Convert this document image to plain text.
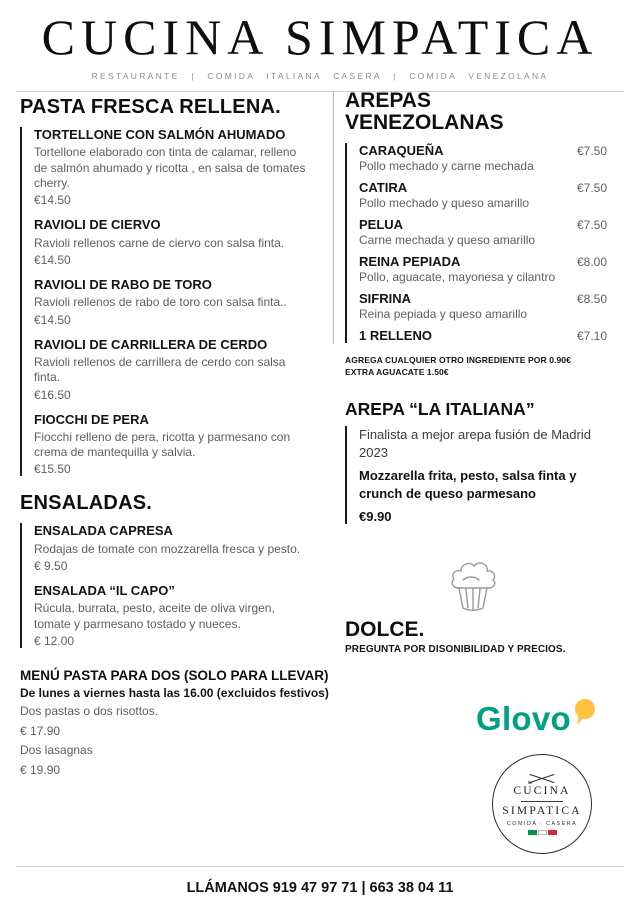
CUCINA SIMPATICA
RESTAURANTE | COMIDA ITALIANA CASERA | COMIDA VENEZOLANA
PASTA FRESCA RELLENA.
TORTELLONE CON SALMÓN AHUMADO
Tortellone elaborado con tinta de calamar, relleno de salmón ahumado y ricotta , en salsa de tomates cherry.
€14.50
RAVIOLI DE CIERVO
Ravioli rellenos carne de ciervo con salsa finta.
€14.50
RAVIOLI DE RABO DE TORO
Ravioli rellenos de rabo de toro con salsa finta..
€14.50
RAVIOLI DE CARRILLERA DE CERDO
Ravioli rellenos de carrillera de cerdo con salsa finta.
€16.50
FIOCCHI DE PERA
Fiocchi relleno de pera, ricotta y parmesano con crema de mantequilla y salvia.
€15.50
ENSALADAS.
ENSALADA CAPRESA
Rodajas de tomate con mozzarella fresca y pesto.
€ 9.50
ENSALADA “IL CAPO”
Rúcula, burrata, pesto, aceite de oliva virgen, tomate y parmesano tostado y nueces.
€ 12.00
MENÚ PASTA PARA DOS (SOLO PARA LLEVAR)
De lunes a viernes hasta las 16.00 (excluidos festivos)
Dos pastas o dos risottos.
€ 17.90
Dos lasagnas
€ 19.90
AREPAS
VENEZOLANAS
CARAQUEÑA	€7.50
Pollo mechado y carne mechada
CATIRA	€7.50
Pollo mechado y queso amarillo
PELUA	€7.50
Carne mechada y queso amarillo
REINA PEPIADA	€8.00
Pollo, aguacate, mayonesa y cilantro
SIFRINA	€8.50
Reina pepiada y queso amarillo
1 RELLENO	€7.10
AGREGA CUALQUIER OTRO INGREDIENTE POR 0.90€
EXTRA AGUACATE 1.50€
AREPA “LA ITALIANA”
Finalista a mejor arepa fusión de Madrid 2023
Mozzarella frita, pesto, salsa finta y crunch de queso parmesano
€9.90
DOLCE.
PREGUNTA POR DISONIBILIDAD Y PRECIOS.
Glovo
CUCINA
SIMPATICA
COMIDA · CASERA
LLÁMANOS 919 47 97 71 | 663 38 04 11
